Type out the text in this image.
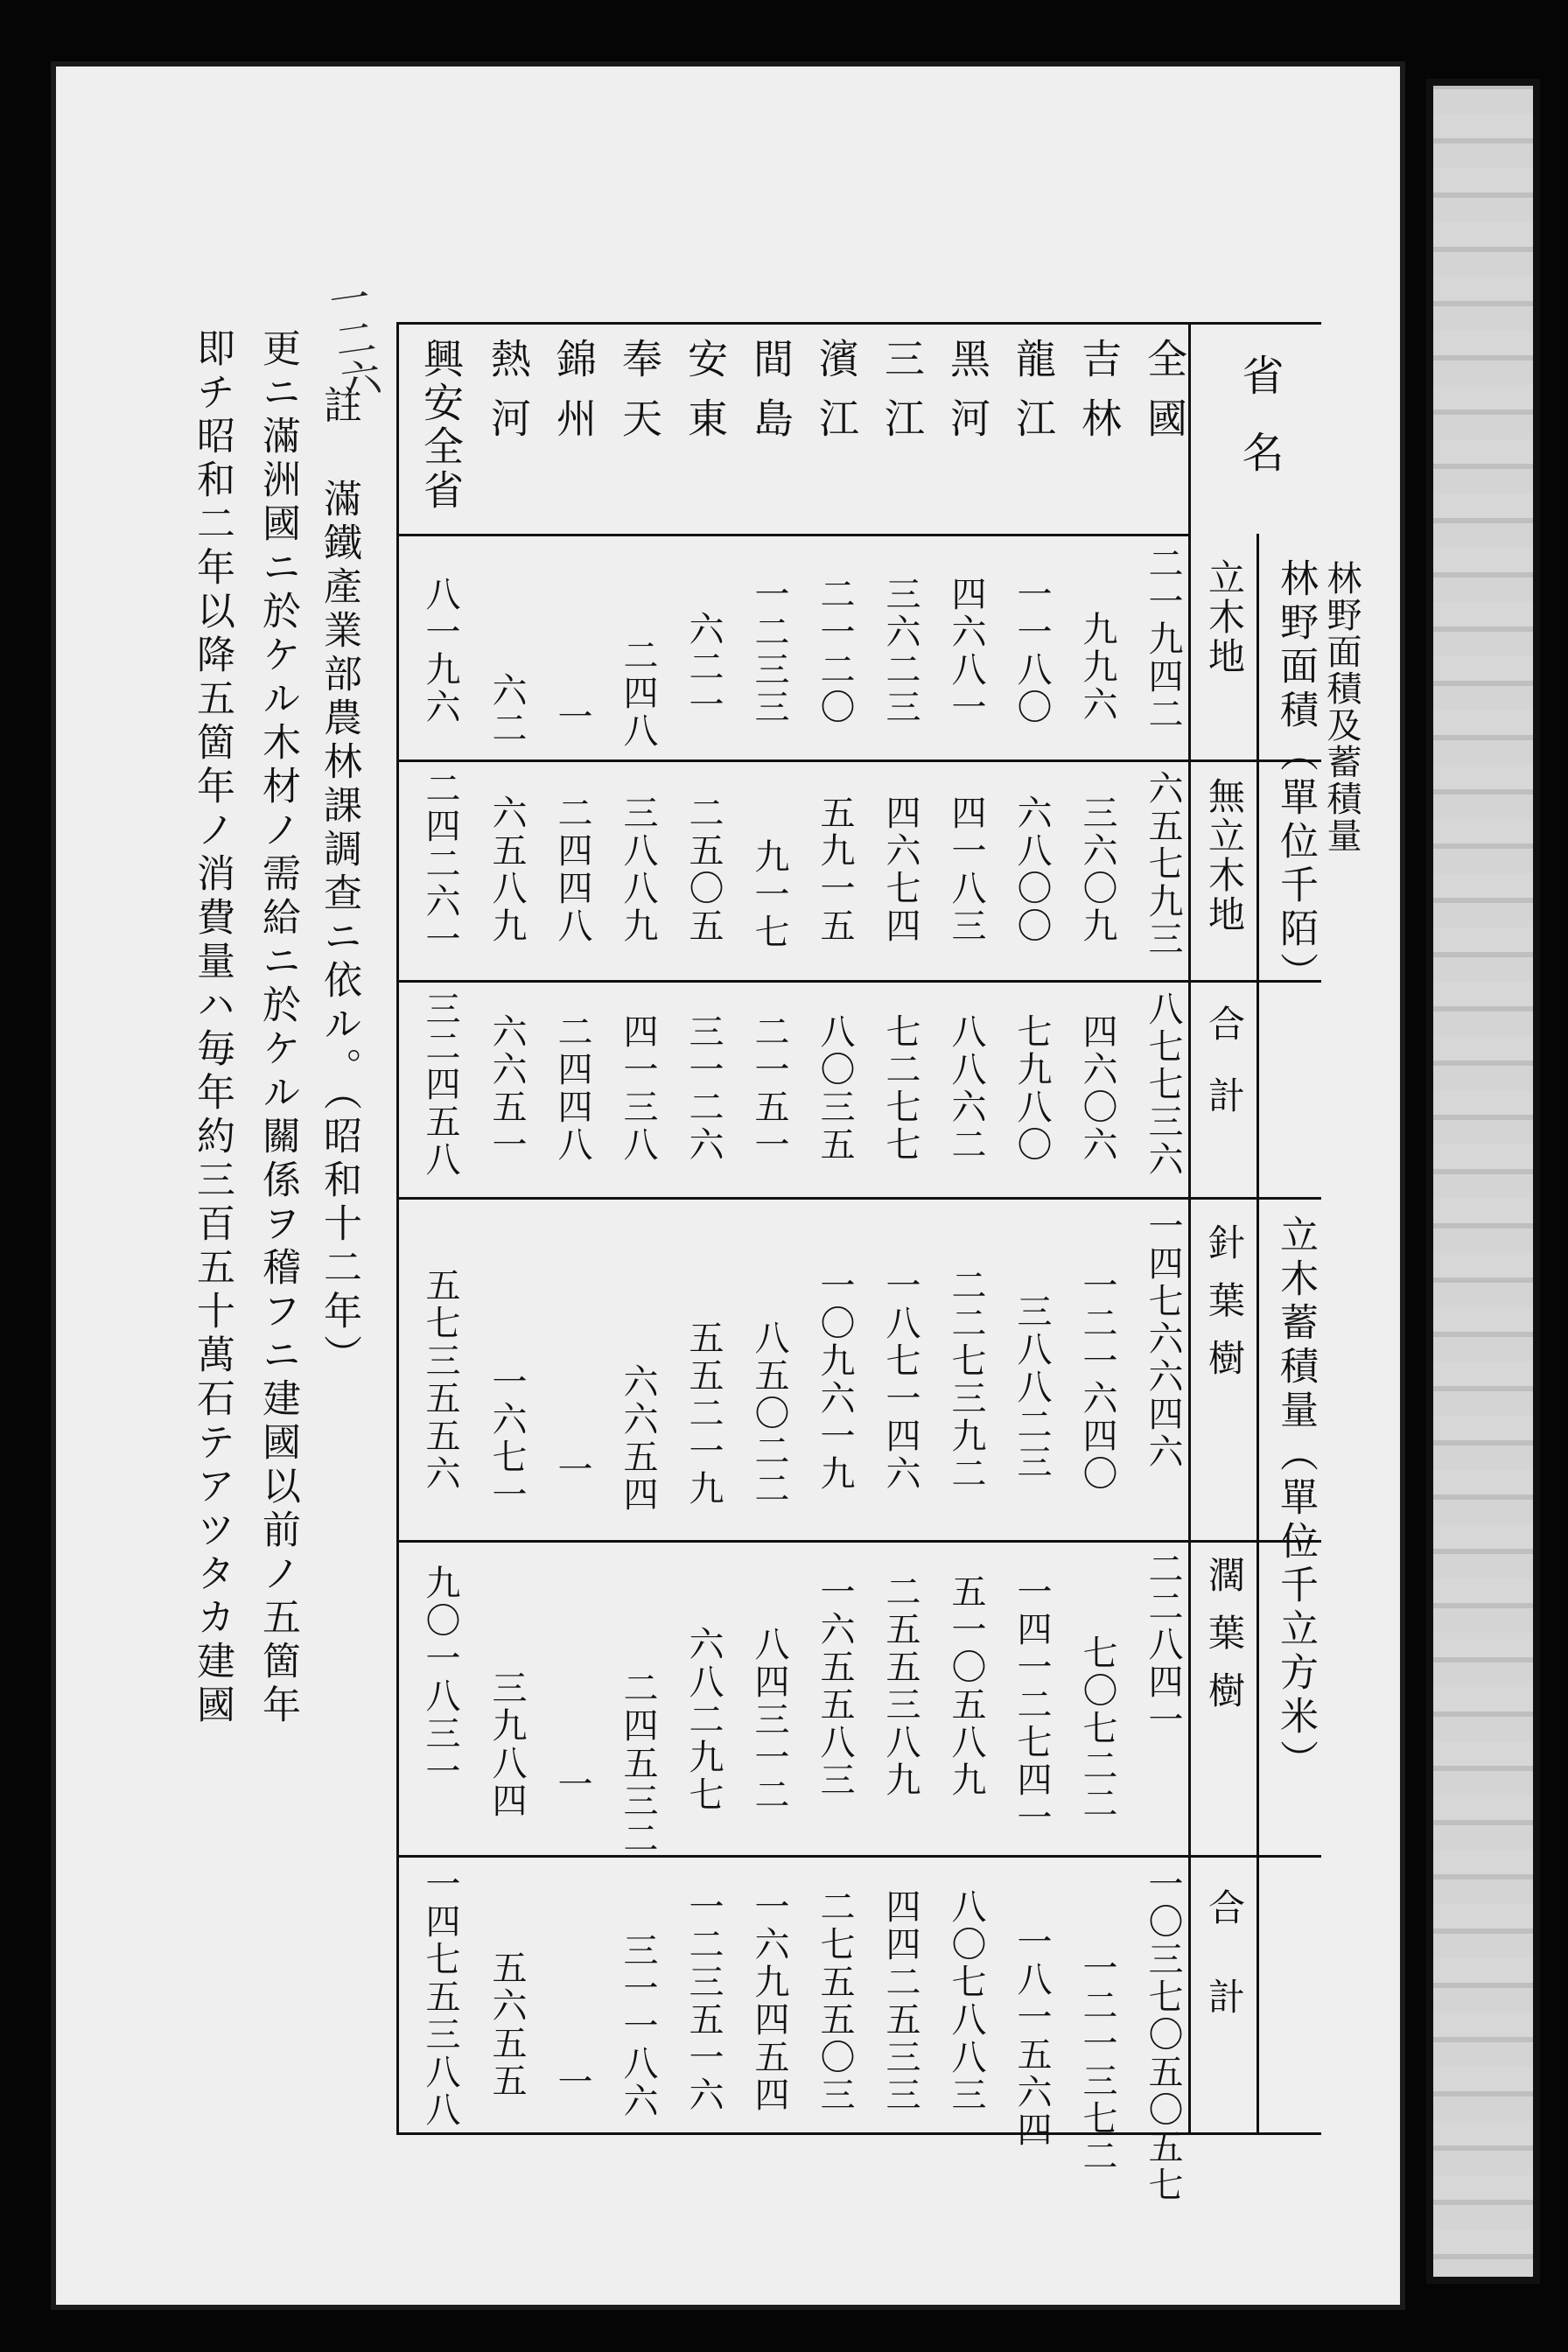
一二六
林野面積及蓄積量
省名
林野面積（單位千陌）
立木地
無立木地
合計
立木蓄積量（單位千立方米）
針葉樹
濶葉樹
合計
全國
二一九四二
六五七九三
八七七三六
一四七六六四六
二二八四一
一〇三七〇五〇五七
吉林
九九六
三六〇九
四六〇六
一二一六四〇
七〇七二二
一二一三七二
龍江
一一八〇
六八〇〇
七九八〇
三八八二三
一四一二七四一
一八一五六四
黑河
四六八一
四一八三
八八六二
二二七三九二
五一〇五八九
八〇七八八三
三江
三六二三
四六七四
七二七七
一八七一四六
二五五三八九
四四二五三三
濱江
二一二〇
五九一五
八〇三五
一〇九六一九
一六五五八三
二七五五〇三
間島
一二三三
九一七
二一五一
八五〇二二
八四三一二
一六九四五四
安東
六二一
二五〇五
三一二六
五五二一九
六八二九七
一二三五一六
奉天
二四八
三八八九
四一三八
六六五四
二四五三二
三一一八六
錦州
一
二四四八
二四四八
一
一
一
熱河
六二
六五八九
六六五一
一六七一
三九八四
五六五五
興安全省
八一九六
二四二六一
三二四五八
五七三五五六
九〇一八三一
一四七五三八八
註 滿鐵產業部農林課調查ニ依ル。（昭和十二年）
更ニ滿洲國ニ於ケル木材ノ需給ニ於ケル關係ヲ稽フニ建國以前ノ五箇年
即チ昭和二年以降五箇年ノ消費量ハ毎年約三百五十萬石テアツタカ建國
